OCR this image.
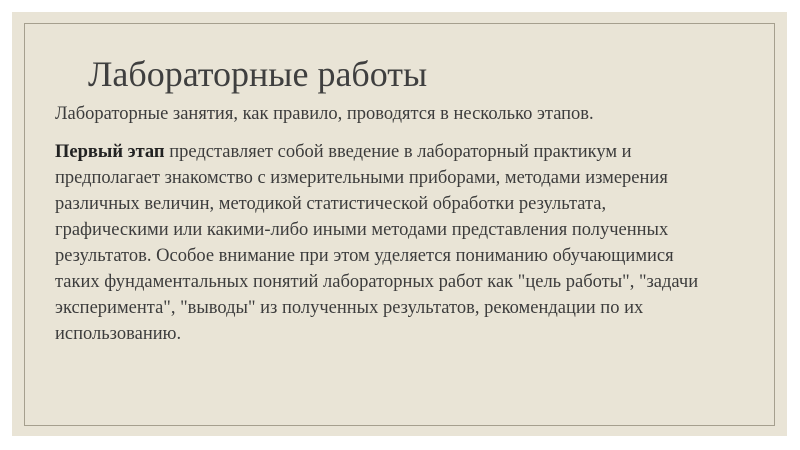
Лабораторные работы

Лабораторные занятия, как правило, проводятся в несколько этапов.

Первый этап представляет собой введение в лабораторный практикум и предполагает знакомство с измерительными приборами, методами измерения различных величин, методикой статистической обработки результата, графическими или какими-либо иными методами представления полученных результатов. Особое внимание при этом уделяется пониманию обучающимися таких фундаментальных понятий лабораторных работ как "цель работы", "задачи эксперимента", "выводы" из полученных результатов, рекомендации по их использованию.
